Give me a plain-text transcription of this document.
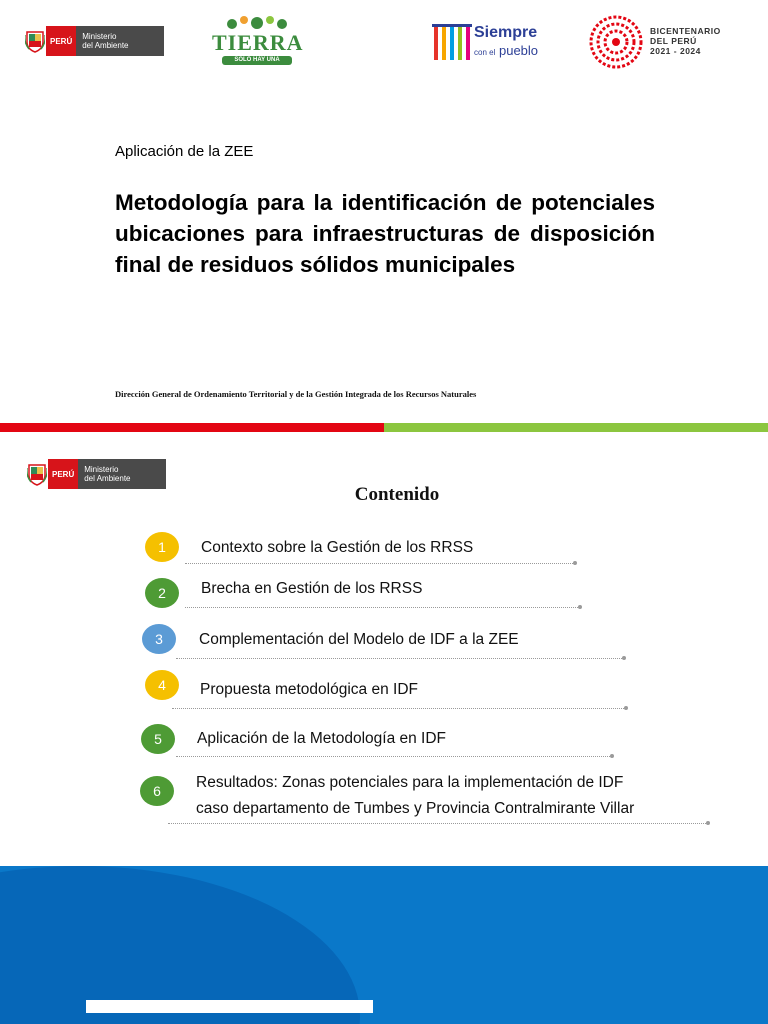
PERÚ	Ministerio
del Ambiente	TIERRA
SOLO HAY UNA
Siempre
con el pueblo
BICENTENARIO
DEL PERÚ
2021 - 2024
Aplicación de la ZEE
Metodología para la identificación de potenciales ubicaciones para infraestructuras de disposición final de residuos sólidos municipales
Dirección General de Ordenamiento Territorial y de la Gestión Integrada de los Recursos Naturales
PERÚ	Ministerio
del Ambiente
Contenido
1	Contexto sobre la Gestión de los RRSS
2	Brecha en Gestión de los RRSS
3	Complementación del Modelo de IDF a la ZEE
4	Propuesta metodológica en IDF
5	Aplicación de la Metodología en IDF
6	Resultados: Zonas potenciales para la implementación de IDF
caso departamento de Tumbes y Provincia Contralmirante Villar
